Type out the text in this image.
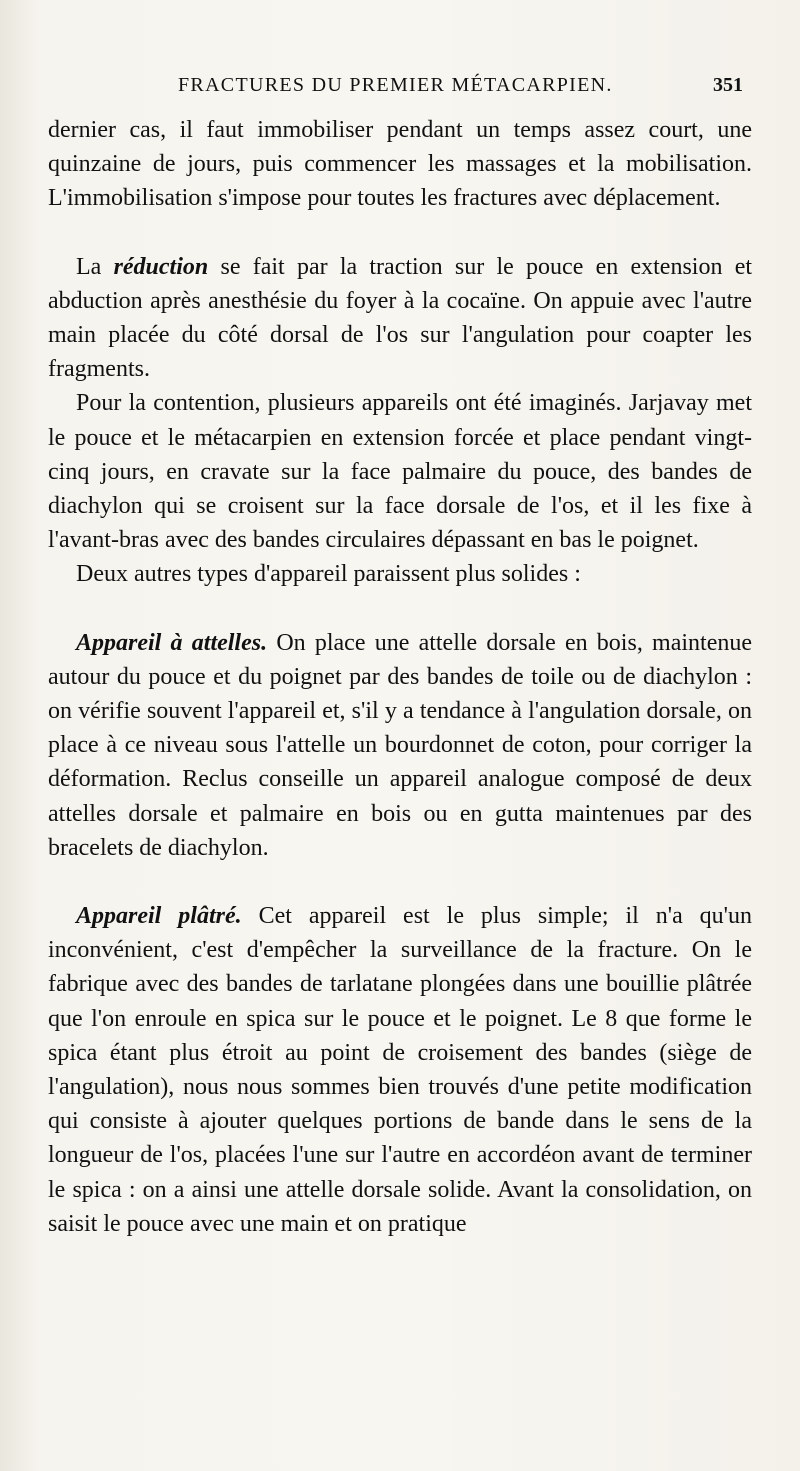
FRACTURES DU PREMIER MÉTACARPIEN.	351

dernier cas, il faut immobiliser pendant un temps assez court, une quinzaine de jours, puis commencer les massages et la mobilisation. L'immobilisation s'impose pour toutes les fractures avec déplacement.

La réduction se fait par la traction sur le pouce en extension et abduction après anesthésie du foyer à la cocaïne. On appuie avec l'autre main placée du côté dorsal de l'os sur l'angulation pour coapter les fragments.

Pour la contention, plusieurs appareils ont été imaginés. Jarjavay met le pouce et le métacarpien en extension forcée et place pendant vingt-cinq jours, en cravate sur la face palmaire du pouce, des bandes de diachylon qui se croisent sur la face dorsale de l'os, et il les fixe à l'avant-bras avec des bandes circulaires dépassant en bas le poignet.

Deux autres types d'appareil paraissent plus solides :

Appareil à attelles. On place une attelle dorsale en bois, maintenue autour du pouce et du poignet par des bandes de toile ou de diachylon : on vérifie souvent l'appareil et, s'il y a tendance à l'angulation dorsale, on place à ce niveau sous l'attelle un bourdonnet de coton, pour corriger la déformation. Reclus conseille un appareil analogue composé de deux attelles dorsale et palmaire en bois ou en gutta maintenues par des bracelets de diachylon.

Appareil plâtré. Cet appareil est le plus simple; il n'a qu'un inconvénient, c'est d'empêcher la surveillance de la fracture. On le fabrique avec des bandes de tarlatane plongées dans une bouillie plâtrée que l'on enroule en spica sur le pouce et le poignet. Le 8 que forme le spica étant plus étroit au point de croisement des bandes (siège de l'angulation), nous nous sommes bien trouvés d'une petite modification qui consiste à ajouter quelques portions de bande dans le sens de la longueur de l'os, placées l'une sur l'autre en accordéon avant de terminer le spica : on a ainsi une attelle dorsale solide. Avant la consolidation, on saisit le pouce avec une main et on pratique
